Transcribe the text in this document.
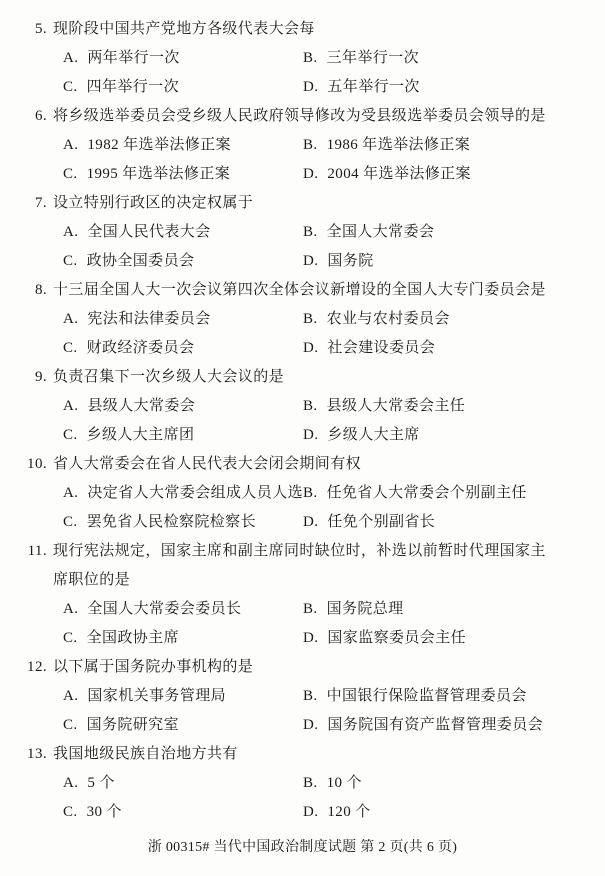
5. 现阶段中国共产党地方各级代表大会每
A. 两年举行一次	B. 三年举行一次
C. 四年举行一次	D. 五年举行一次
6. 将乡级选举委员会受乡级人民政府领导修改为受县级选举委员会领导的是
A. 1982 年选举法修正案	B. 1986 年选举法修正案
C. 1995 年选举法修正案	D. 2004 年选举法修正案
7. 设立特别行政区的决定权属于
A. 全国人民代表大会	B. 全国人大常委会
C. 政协全国委员会	D. 国务院
8. 十三届全国人大一次会议第四次全体会议新增设的全国人大专门委员会是
A. 宪法和法律委员会	B. 农业与农村委员会
C. 财政经济委员会	D. 社会建设委员会
9. 负责召集下一次乡级人大会议的是
A. 县级人大常委会	B. 县级人大常委会主任
C. 乡级人大主席团	D. 乡级人大主席
10. 省人大常委会在省人民代表大会闭会期间有权
A. 决定省人大常委会组成人员人选 B. 任免省人大常委会个别副主任
C. 罢免省人民检察院检察长	D. 任免个别副省长
11. 现行宪法规定，国家主席和副主席同时缺位时，补选以前暂时代理国家主席职位的是
A. 全国人大常委会委员长	B. 国务院总理
C. 全国政协主席	D. 国家监察委员会主任
12. 以下属于国务院办事机构的是
A. 国家机关事务管理局	B. 中国银行保险监督管理委员会
C. 国务院研究室	D. 国务院国有资产监督管理委员会
13. 我国地级民族自治地方共有
A. 5 个	B. 10 个
C. 30 个	D. 120 个
浙 00315# 当代中国政治制度试题 第 2 页(共 6 页)
